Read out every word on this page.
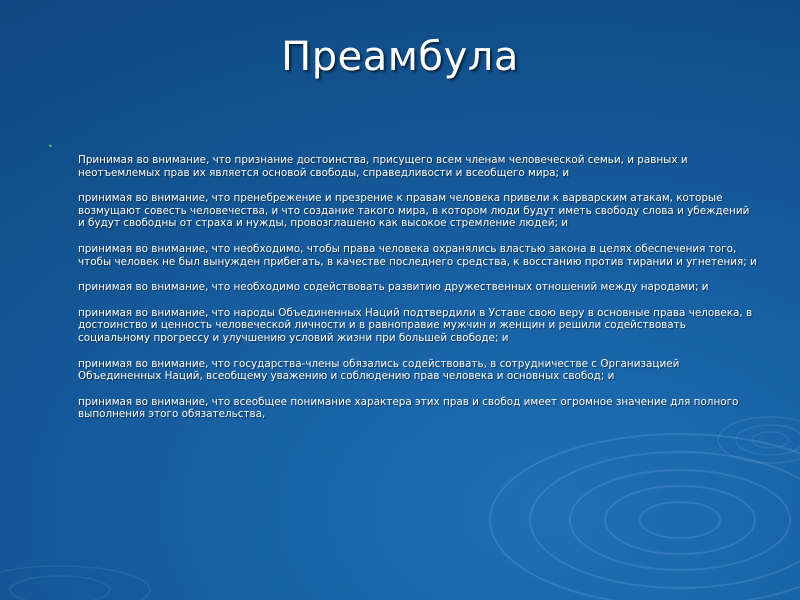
Преамбула
•

Принимая во внимание, что признание достоинства, присущего всем членам человеческой семьи, и равных и неотъемлемых прав их является основой свободы, справедливости и всеобщего мира; и

принимая во внимание, что пренебрежение и презрение к правам человека привели к варварским атакам, которые возмущают совесть человечества, и что создание такого мира, в котором люди будут иметь свободу слова и убеждений и будут свободны от страха и нужды, провозглашено как высокое стремление людей; и

принимая во внимание, что необходимо, чтобы права человека охранялись властью закона в целях обеспечения того, чтобы человек не был вынужден прибегать, в качестве последнего средства, к восстанию против тирании и угнетения; и

принимая во внимание, что необходимо содействовать развитию дружественных отношений между народами; и

принимая во внимание, что народы Объединенных Наций подтвердили в Уставе свою веру в основные права человека, в достоинство и ценность человеческой личности и в равноправие мужчин и женщин и решили содействовать социальному прогрессу и улучшению условий жизни при большей свободе; и

принимая во внимание, что государства-члены обязались содействовать, в сотрудничестве с Организацией Объединенных Наций, всеобщему уважению и соблюдению прав человека и основных свобод; и

принимая во внимание, что всеобщее понимание характера этих прав и свобод имеет огромное значение для полного выполнения этого обязательства,
